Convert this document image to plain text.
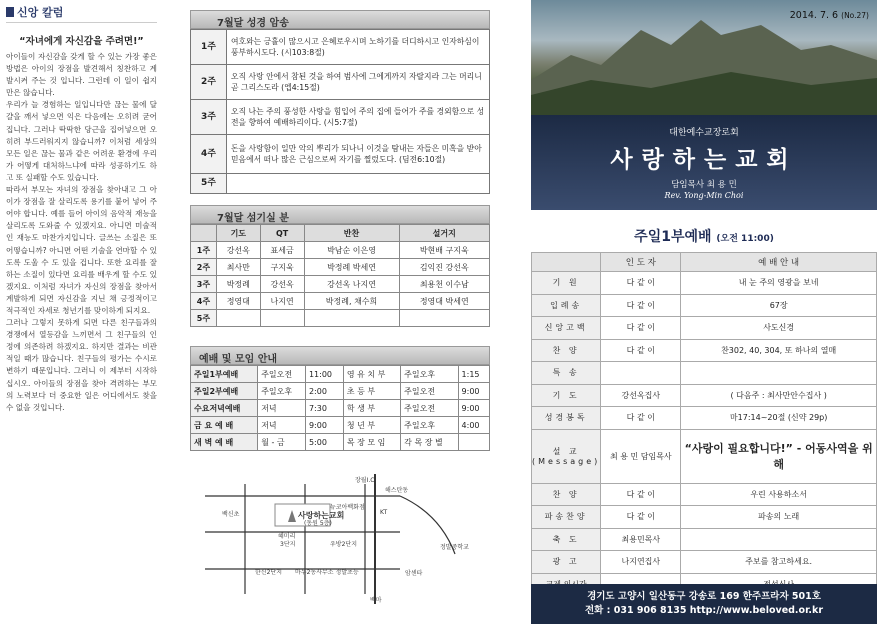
신앙 칼럼
“자녀에게 자신감을 주려면!”

아이들이 자신감을 갖게 할 수 있는 가장 좋은 방법은 아이의 장점을 발견해서 칭찬하고 계발시켜 주는 것 입니다. 그런데 이 일이 쉽지만은 않습니다.

우리가 늘 경험하는 일입니다만 끊는 물에 달걀을 깨서 넣으면 익은 다음에는 오히려 굳어집니다. 그러나 딱딱한 당근을 집어넣으면 오히려 부드러워지지 않습니까? 이처럼 세상의 모든 일은 끊는 물과 같은 어려운 환경에 우리가 어떻게 대처하느냐에 따라 성공하기도 하고 또 실패할 수도 있습니다.

따라서 부모는 자녀의 장점을 찾아내고 그 아이가 장점을 잘 살리도록 용기를 붙어 넣어 주어야 합니다. 예를 들어 아이의 음악적 재능을 살리도록 도와줄 수 있겠지요. 아니면 미술적인 재능도 마찬가지입니다. 글쓰는 소질은 또 어떻습니까? 아니면 어떤 기술을 연마할 수 있도록 도울 수 도 있을 겁니다. 또한 요리를 잘 하는 소질이 있다면 요리를 배우게 할 수도 있겠지요. 이처럼 자녀가 자신의 장점을 찾아서 계발하게 되면 자신감을 지닌 채 긍정적이고 적극적인 자세로 청년기를 맞이하게 되지요.

그러나 그렇지 못하게 되면 다른 친구들과의 경쟁에서 열등감을 느끼면서 그 친구들의 인정에 의존하려 하겠지요. 하지만 결과는 비관적일 때가 많습니다. 친구들의 평가는 수시로 변하기 때문입니다. 그러니 이 제부터 시작하십시오. 아이들의 장점을 찾아 격려하는 부모의 노력보다 더 중요한 일은 어디에서도 찾을 수 없을 것입니다.

7월달 성경 암송
1주	여호와는 긍휼이 많으시고 은혜로우시며 노하기를 더디하시고 인자하심이 풍부하시도다. (시103:8절)
2주	오직 사랑 안에서 참된 것을 하여 범사에 그에게까지 자랄지라 그는 머리니 곧 그리스도라 (엡4:15절)
3주	오직 나는 주의 풍성한 사랑을 힘입어 주의 집에 들어가 주를 경외함으로 성전을 향하여 예배하리이다. (시5:7절)
4주	돈을 사랑함이 일만 악의 뿌리가 되나니 이것을 탐내는 자들은 미혹을 받아 믿음에서 떠나 많은 근심으로써 자기를 찔렀도다. (딤전6:10절)
5주	
7월달 섬기실 분
	기도	QT	반찬	설거지
1주	강선옥	표세금	박남순 이은영	박현배 구지욱
2주	최사만	구지욱	박정례 박세연	김익진 강선옥
3주	박정례	강선옥	강선옥 나지연	최용천 이수남
4주	정영대	나지연	박정례, 채수희	정영대 박세연
5주				
예배 및 모임 안내
주일1부예배	주일오전	11:00	영 유 치 부	주일오후	1:15
주일2부예배	주일오후	2:00	초 등 부	주일오전	9:00
수요저녁예배	저녁	7:30	학 생 부	주일오전	9:00
금 요 예 배	저녁	9:00	청 년 부	주일오후	4:00
새 벽 예 배	월 - 금	5:00	목 장 모 임	각 목 장 별	
장월I.C
해스탄동
뉴코아백화점
KT
백신초	사랑하는교회
(동원 5층)
혜미리
3단지	우방2단지	정발중학교
한신2단지 마두2동사무소 정발초등	암센타
백마
2014. 7. 6 (No.27)
대한예수교장로회
사랑하는교회
담임목사 최 용 민
Rev. Yong-Min Choi
주일1부예배 (오전 11:00)
	인 도 자	예 배 안 내
기 원	다 같 이	내 눈 주의 영광을 보네
입례송	다 같 이	67장
신앙고백	다 같 이	사도신경
찬 양	다 같 이	찬302, 40, 304, 또 하나의 열매
특 송		
기 도	강선옥집사	( 다음주 : 최사만안수집사 )
성경봉독	다 같 이	마17:14~20절 (신약 29p)
설 교 (Message)	최 용 민 담임목사	“사랑이 필요합니다!” - 어동사역을 위해
찬 양	다 같 이	우린 사용하소서
파송찬양	다 같 이	파송의 노래
축 도	최용민목사	
광 고	나지연집사	주보를 참고하세요.

경기도 고양시 일산동구 강송로 169 한주프라자 501호
전화 : 031 906 8135 http://www.beloved.or.kr
